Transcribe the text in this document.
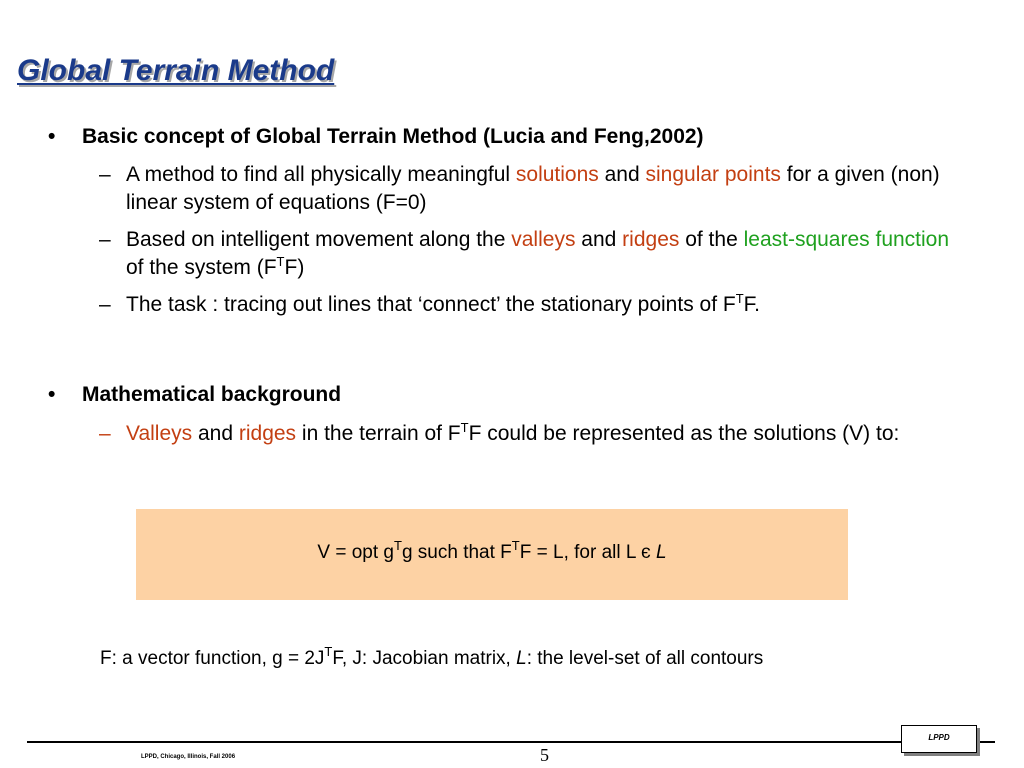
Global Terrain Method
• Basic concept of Global Terrain Method (Lucia and Feng,2002)
– A method to find all physically meaningful solutions and singular points for a given (non) linear system of equations (F=0)
– Based on intelligent movement along the valleys and ridges of the least-squares function of the system $(F^TF)$
– The task : tracing out lines that ‘connect’ the stationary points of $F^TF$.
• Mathematical background
– Valleys and ridges in the terrain of $F^TF$ could be represented as the solutions (V) to:
V = opt $g^Tg$ such that $F^TF = L$, for all L є L
F: a vector function, $g = 2J^TF$, J: Jacobian matrix, L: the level-set of all contours
LPPD
LPPD, Chicago, Illinois, Fall 2006	5
